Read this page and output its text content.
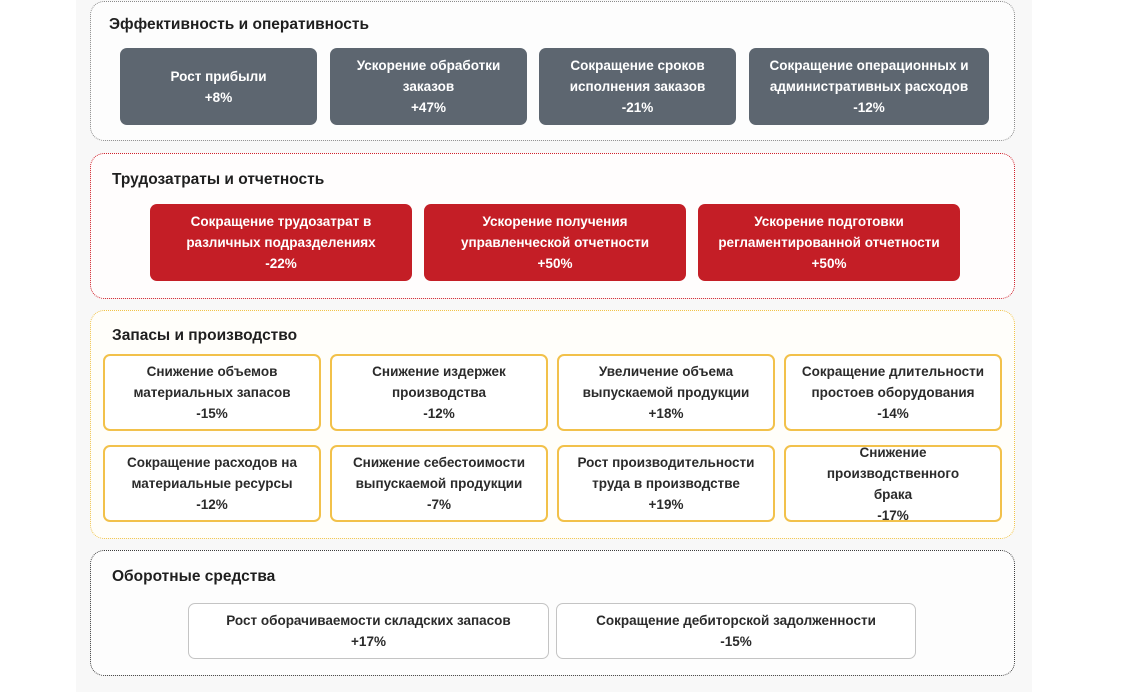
Эффективность и оперативность
Рост прибыли
+8%
Ускорение обработки заказов
+47%
Сокращение сроков исполнения заказов
-21%
Сокращение операционных и административных расходов
-12%
Трудозатраты и отчетность
Сокращение трудозатрат в различных подразделениях
-22%
Ускорение получения управленческой отчетности
+50%
Ускорение подготовки регламентированной отчетности
+50%
Запасы и производство
Снижение объемов материальных запасов
-15%
Снижение издержек производства
-12%
Увеличение объема выпускаемой продукции
+18%
Сокращение длительности простоев оборудования
-14%
Сокращение расходов на материальные ресурсы
-12%
Снижение себестоимости выпускаемой продукции
-7%
Рост производительности труда в производстве
+19%
Снижение производственного брака
-17%
Оборотные средства
Рост оборачиваемости складских запасов
+17%
Сокращение дебиторской задолженности
-15%
